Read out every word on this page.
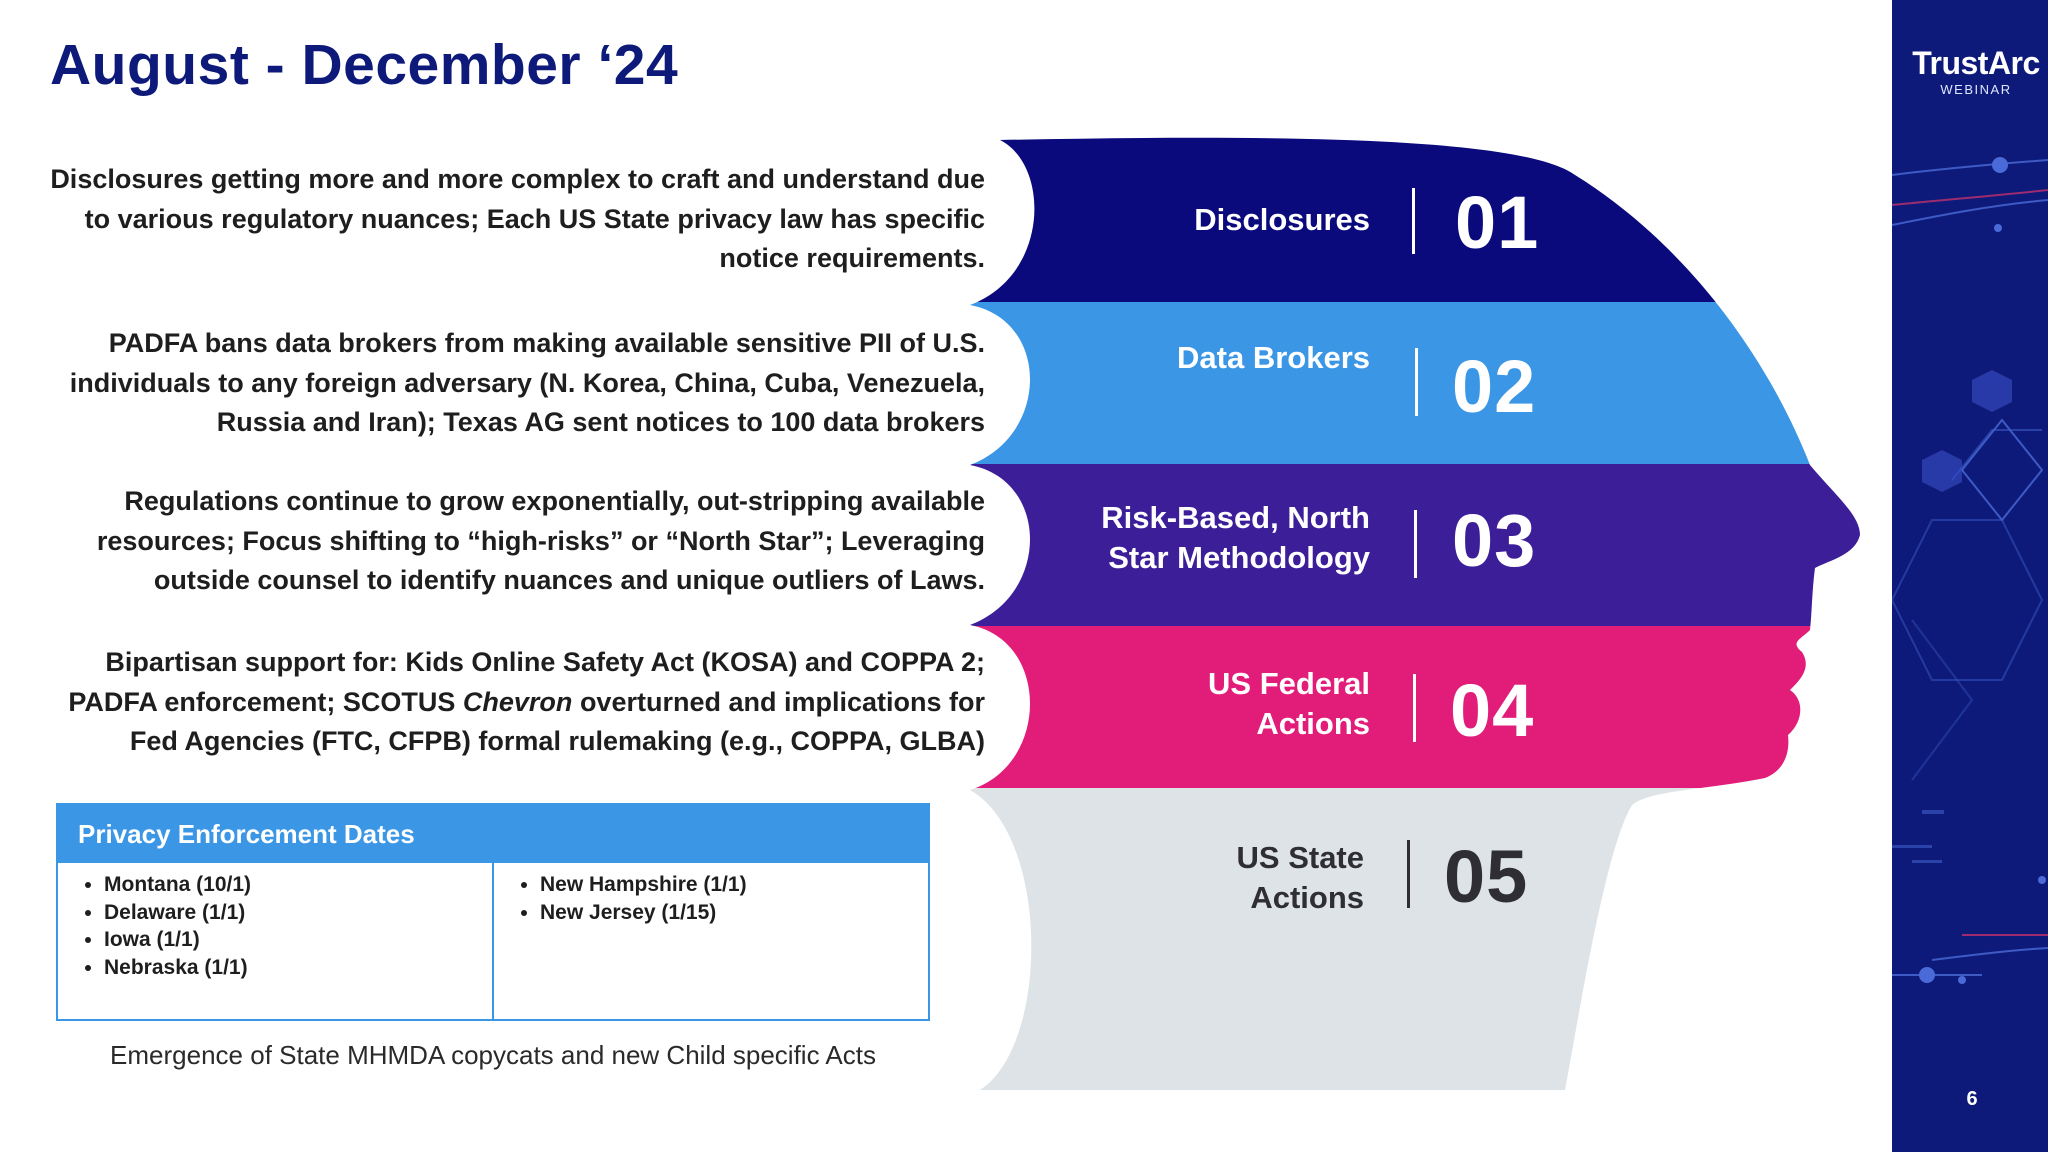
August - December ‘24
Disclosures getting more and more complex to craft and understand due to various regulatory nuances; Each US State privacy law has specific notice requirements.
PADFA bans data brokers from making available sensitive PII of U.S. individuals to any foreign adversary (N. Korea, China, Cuba, Venezuela, Russia and Iran); Texas AG sent notices to 100 data brokers
Regulations continue to grow exponentially, out-stripping available resources; Focus shifting to “high-risks” or “North Star”; Leveraging outside counsel to identify nuances and unique outliers of Laws.
Bipartisan support for: Kids Online Safety Act (KOSA) and COPPA 2; PADFA enforcement; SCOTUS Chevron overturned and implications for Fed Agencies (FTC, CFPB) formal rulemaking (e.g., COPPA, GLBA)
Disclosures 01
Data Brokers 02
Risk-Based, North Star Methodology 03
US Federal Actions 04
US State Actions 05
Privacy Enforcement Dates
• Montana (10/1)
• Delaware (1/1)
• Iowa (1/1)
• Nebraska (1/1)
• New Hampshire (1/1)
• New Jersey (1/15)
Emergence of State MHMDA copycats and new Child specific Acts
TrustArc
WEBINAR
6
